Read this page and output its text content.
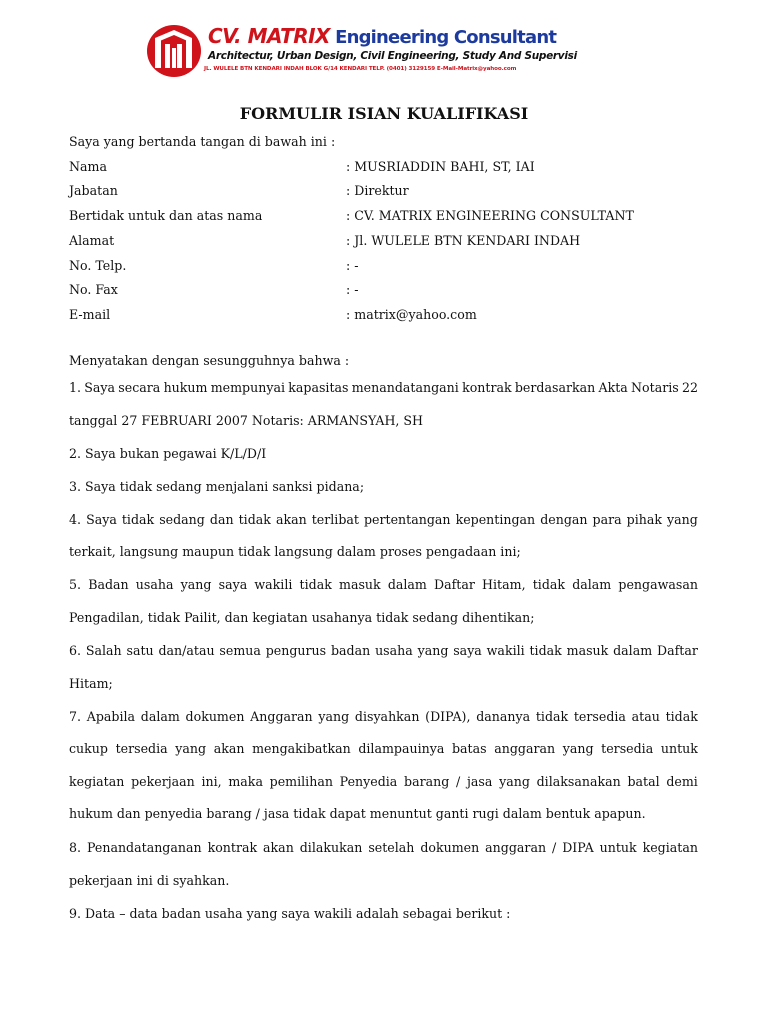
CV. MATRIX Engineering Consultant
Architectur, Urban Design, Civil Engineering, Study And Supervisi
JL. WULELE BTN KENDARI INDAH BLOK G/14 KENDARI TELP. (0401) 3129159 E-Mail-Matrix@yahoo.com
FORMULIR ISIAN KUALIFIKASI
Saya yang bertanda tangan di bawah ini :
Nama	: MUSRIADDIN BAHI, ST, IAI
Jabatan	: Direktur
Bertidak untuk dan atas nama	: CV. MATRIX ENGINEERING CONSULTANT
Alamat	: Jl. WULELE BTN KENDARI INDAH
No. Telp.	: -
No. Fax	: -
E-mail	: matrix@yahoo.com
Menyatakan dengan sesungguhnya bahwa :
1. Saya secara hukum mempunyai kapasitas menandatangani kontrak berdasarkan Akta Notaris 22
tanggal 27 FEBRUARI 2007 Notaris: ARMANSYAH, SH
2. Saya bukan pegawai K/L/D/I
3. Saya tidak sedang menjalani sanksi pidana;
4. Saya tidak sedang dan tidak akan terlibat pertentangan kepentingan dengan para pihak yang
terkait, langsung maupun tidak langsung dalam proses pengadaan ini;
5. Badan usaha yang saya wakili tidak masuk dalam Daftar Hitam, tidak dalam pengawasan
Pengadilan, tidak Pailit, dan kegiatan usahanya tidak sedang dihentikan;
6. Salah satu dan/atau semua pengurus badan usaha yang saya wakili tidak masuk dalam Daftar
Hitam;
7. Apabila dalam dokumen Anggaran yang disyahkan (DIPA), dananya tidak tersedia atau tidak
cukup tersedia yang akan mengakibatkan dilampauinya batas anggaran yang tersedia untuk
kegiatan pekerjaan ini, maka pemilihan Penyedia barang / jasa yang dilaksanakan batal demi
hukum dan penyedia barang / jasa tidak dapat menuntut ganti rugi dalam bentuk apapun.
8. Penandatanganan kontrak akan dilakukan setelah dokumen anggaran / DIPA untuk kegiatan
pekerjaan ini di syahkan.
9. Data – data badan usaha yang saya wakili adalah sebagai berikut :
